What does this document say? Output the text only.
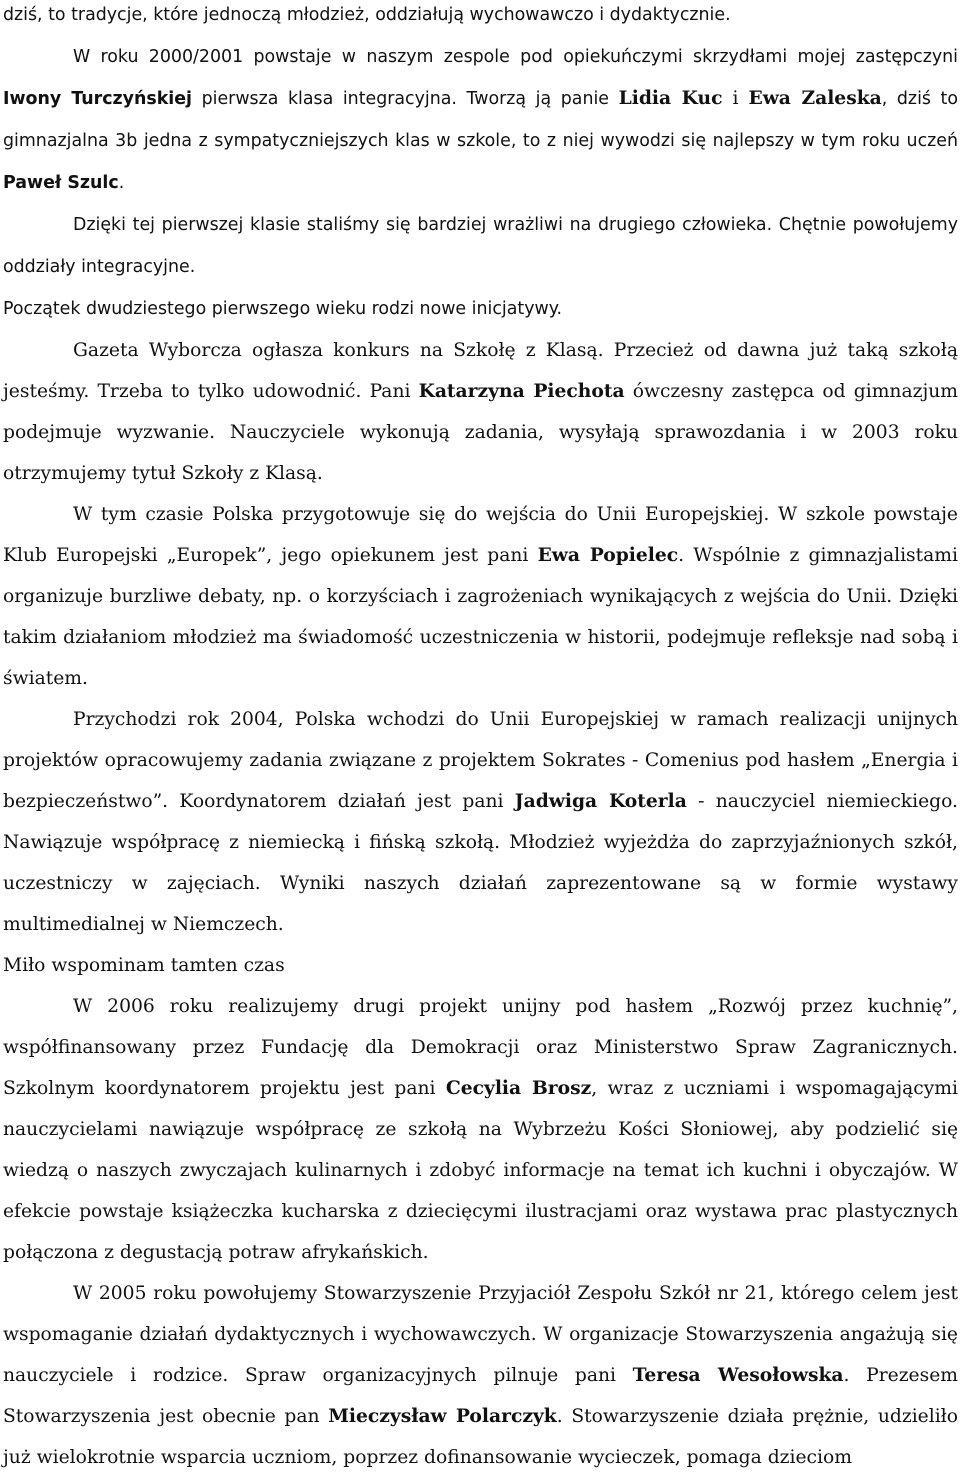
dziś, to tradycje, które jednoczą młodzież, oddziałują wychowawczo i dydaktycznie.

W roku 2000/2001 powstaje w naszym zespole pod opiekuńczymi skrzydłami mojej zastępczyni Iwony Turczyńskiej pierwsza klasa integracyjna. Tworzą ją panie Lidia Kuc i Ewa Zaleska, dziś to gimnazjalna 3b jedna z sympatyczniejszych klas w szkole, to z niej wywodzi się najlepszy w tym roku uczeń Paweł Szulc.

Dzięki tej pierwszej klasie staliśmy się bardziej wrażliwi na drugiego człowieka. Chętnie powołujemy oddziały integracyjne.

Początek dwudziestego pierwszego wieku rodzi nowe inicjatywy.

Gazeta Wyborcza ogłasza konkurs na Szkołę z Klasą. Przecież od dawna już taką szkołą jesteśmy. Trzeba to tylko udowodnić. Pani Katarzyna Piechota ówczesny zastępca od gimnazjum podejmuje wyzwanie. Nauczyciele wykonują zadania, wysyłają sprawozdania i w 2003 roku otrzymujemy tytuł Szkoły z Klasą.

W tym czasie Polska przygotowuje się do wejścia do Unii Europejskiej. W szkole powstaje Klub Europejski „Europek”, jego opiekunem jest pani Ewa Popielec. Wspólnie z gimnazjalistami organizuje burzliwe debaty, np. o korzyściach i zagrożeniach wynikających z wejścia do Unii. Dzięki takim działaniom młodzież ma świadomość uczestniczenia w historii, podejmuje refleksje nad sobą i światem.

Przychodzi rok 2004, Polska wchodzi do Unii Europejskiej w ramach realizacji unijnych projektów opracowujemy zadania związane z projektem Sokrates - Comenius pod hasłem „Energia i bezpieczeństwo”. Koordynatorem działań jest pani Jadwiga Koterla - nauczyciel niemieckiego. Nawiązuje współpracę z niemiecką i fińską szkołą. Młodzież wyjeżdża do zaprzyjaźnionych szkół, uczestniczy w zajęciach. Wyniki naszych działań zaprezentowane są w formie wystawy multimedialnej w Niemczech.

Miło wspominam tamten czas

W 2006 roku realizujemy drugi projekt unijny pod hasłem „Rozwój przez kuchnię”, współfinansowany przez Fundację dla Demokracji oraz Ministerstwo Spraw Zagranicznych. Szkolnym koordynatorem projektu jest pani Cecylia Brosz, wraz z uczniami i wspomagającymi nauczycielami nawiązuje współpracę ze szkołą na Wybrzeżu Kości Słoniowej, aby podzielić się wiedzą o naszych zwyczajach kulinarnych i zdobyć informacje na temat ich kuchni i obyczajów. W efekcie powstaje książeczka kucharska z dziecięcymi ilustracjami oraz wystawa prac plastycznych połączona z degustacją potraw afrykańskich.

W 2005 roku powołujemy Stowarzyszenie Przyjaciół Zespołu Szkół nr 21, którego celem jest wspomaganie działań dydaktycznych i wychowawczych. W organizacje Stowarzyszenia angażują się nauczyciele i rodzice. Spraw organizacyjnych pilnuje pani Teresa Wesołowska. Prezesem Stowarzyszenia jest obecnie pan Mieczysław Polarczyk. Stowarzyszenie działa prężnie, udzieliło już wielokrotnie wsparcia uczniom, poprzez dofinansowanie wycieczek, pomaga dzieciom
